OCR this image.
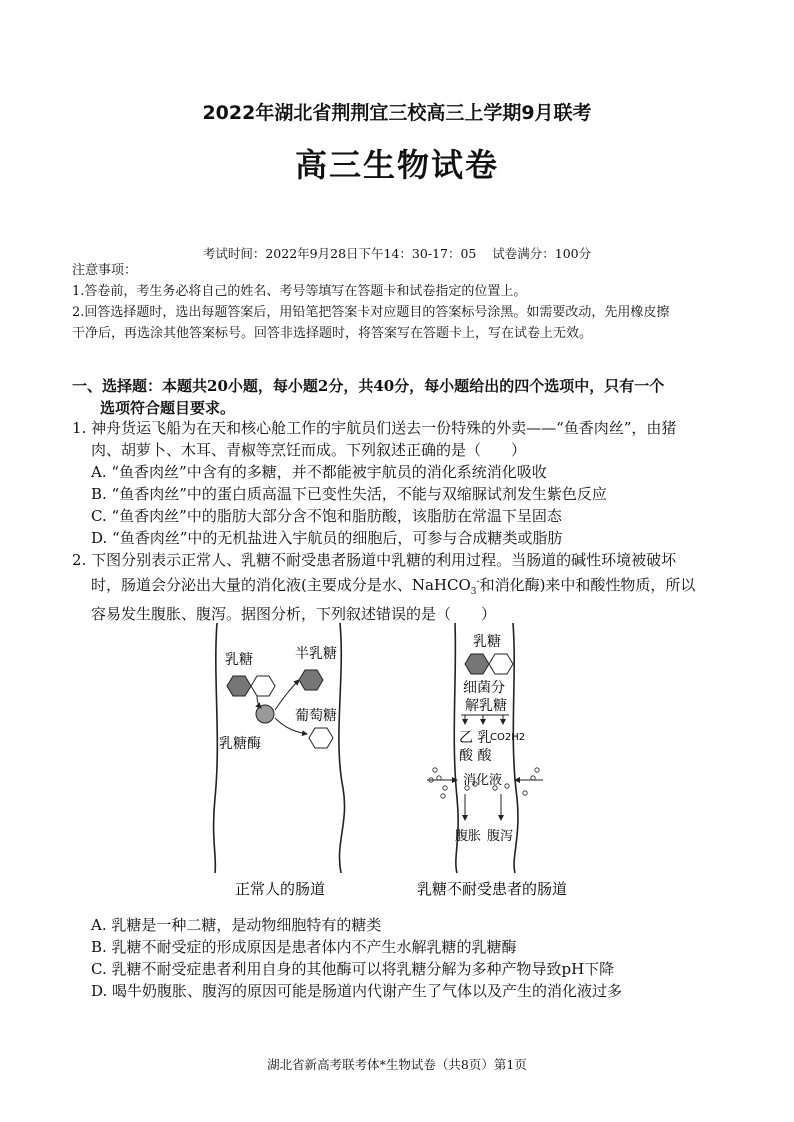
2022年湖北省荆荆宜三校高三上学期9月联考
高三生物试卷
考试时间：2022年9月28日下午14：30-17：05    试卷满分：100分
注意事项：
1.答卷前，考生务必将自己的姓名、考号等填写在答题卡和试卷指定的位置上。
2.回答选择题时，选出每题答案后，用铅笔把答案卡对应题目的答案标号涂黑。如需要改动，先用橡皮擦
干净后，再选涂其他答案标号。回答非选择题时，将答案写在答题卡上，写在试卷上无效。
一、选择题：本题共20小题，每小题2分，共40分，每小题给出的四个选项中，只有一个
选项符合题目要求。
1. 神舟货运飞船为在天和核心舱工作的宇航员们送去一份特殊的外卖——“鱼香肉丝”，由猪
肉、胡萝卜、木耳、青椒等烹饪而成。下列叙述正确的是（　　）
A. “鱼香肉丝”中含有的多糖，并不都能被宇航员的消化系统消化吸收
B. “鱼香肉丝”中的蛋白质高温下已变性失活，不能与双缩脲试剂发生紫色反应
C. “鱼香肉丝”中的脂肪大部分含不饱和脂肪酸，该脂肪在常温下呈固态
D. “鱼香肉丝”中的无机盐进入宇航员的细胞后，可参与合成糖类或脂肪
2. 下图分别表示正常人、乳糖不耐受患者肠道中乳糖的利用过程。当肠道的碱性环境被破坏
时，肠道会分泌出大量的消化液(主要成分是水、NaHCO$_3$-和消化酶)来中和酸性物质，所以
容易发生腹胀、腹泻。据图分析，下列叙述错误的是（　　）
乳糖	半乳糖
葡萄糖
乳糖酶
正常人的肠道
乳糖
细菌分
解乳糖
乙 乳
CO2H2
酸 酸
消化液
腹胀 腹泻
乳糖不耐受患者的肠道
A. 乳糖是一种二糖，是动物细胞特有的糖类
B. 乳糖不耐受症的形成原因是患者体内不产生水解乳糖的乳糖酶
C. 乳糖不耐受症患者利用自身的其他酶可以将乳糖分解为多种产物导致pH下降
D. 喝牛奶腹胀、腹泻的原因可能是肠道内代谢产生了气体以及产生的消化液过多
湖北省新高考联考体*生物试卷（共8页）第1页
